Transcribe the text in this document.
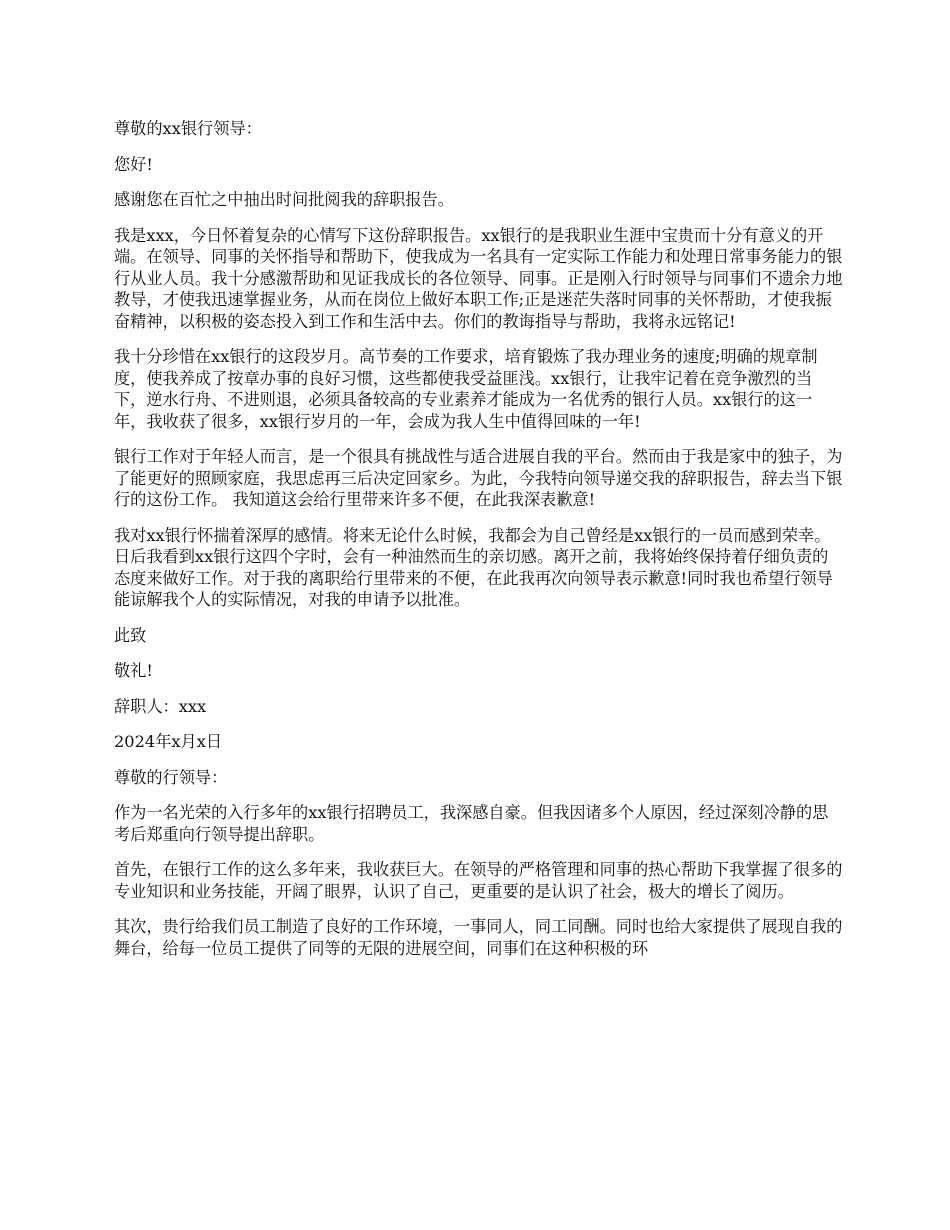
尊敬的xx银行领导：

您好!

感谢您在百忙之中抽出时间批阅我的辞职报告。

我是xxx，今日怀着复杂的心情写下这份辞职报告。xx银行的是我职业生涯中宝贵而十分有意义的开端。在领导、同事的关怀指导和帮助下，使我成为一名具有一定实际工作能力和处理日常事务能力的银行从业人员。我十分感激帮助和见证我成长的各位领导、同事。正是刚入行时领导与同事们不遗余力地教导，才使我迅速掌握业务，从而在岗位上做好本职工作;正是迷茫失落时同事的关怀帮助，才使我振奋精神，以积极的姿态投入到工作和生活中去。你们的教诲指导与帮助，我将永远铭记!

我十分珍惜在xx银行的这段岁月。高节奏的工作要求，培育锻炼了我办理业务的速度;明确的规章制度，使我养成了按章办事的良好习惯，这些都使我受益匪浅。xx银行，让我牢记着在竞争激烈的当下，逆水行舟、不进则退，必须具备较高的专业素养才能成为一名优秀的银行人员。xx银行的这一年，我收获了很多，xx银行岁月的一年，会成为我人生中值得回味的一年!

银行工作对于年轻人而言，是一个很具有挑战性与适合进展自我的平台。然而由于我是家中的独子，为了能更好的照顾家庭，我思虑再三后决定回家乡。为此，今我特向领导递交我的辞职报告，辞去当下银行的这份工作。 我知道这会给行里带来许多不便，在此我深表歉意!

我对xx银行怀揣着深厚的感情。将来无论什么时候，我都会为自己曾经是xx银行的一员而感到荣幸。日后我看到xx银行这四个字时，会有一种油然而生的亲切感。离开之前，我将始终保持着仔细负责的态度来做好工作。对于我的离职给行里带来的不便，在此我再次向领导表示歉意!同时我也希望行领导能谅解我个人的实际情况，对我的申请予以批准。

此致

敬礼!

辞职人：xxx

2024年x月x日

尊敬的行领导：

作为一名光荣的入行多年的xx银行招聘员工，我深感自豪。但我因诸多个人原因，经过深刻冷静的思考后郑重向行领导提出辞职。

首先，在银行工作的这么多年来，我收获巨大。在领导的严格管理和同事的热心帮助下我掌握了很多的专业知识和业务技能，开阔了眼界，认识了自己，更重要的是认识了社会，极大的增长了阅历。

其次，贵行给我们员工制造了良好的工作环境，一事同人，同工同酬。同时也给大家提供了展现自我的舞台，给每一位员工提供了同等的无限的进展空间，同事们在这种积极的环
